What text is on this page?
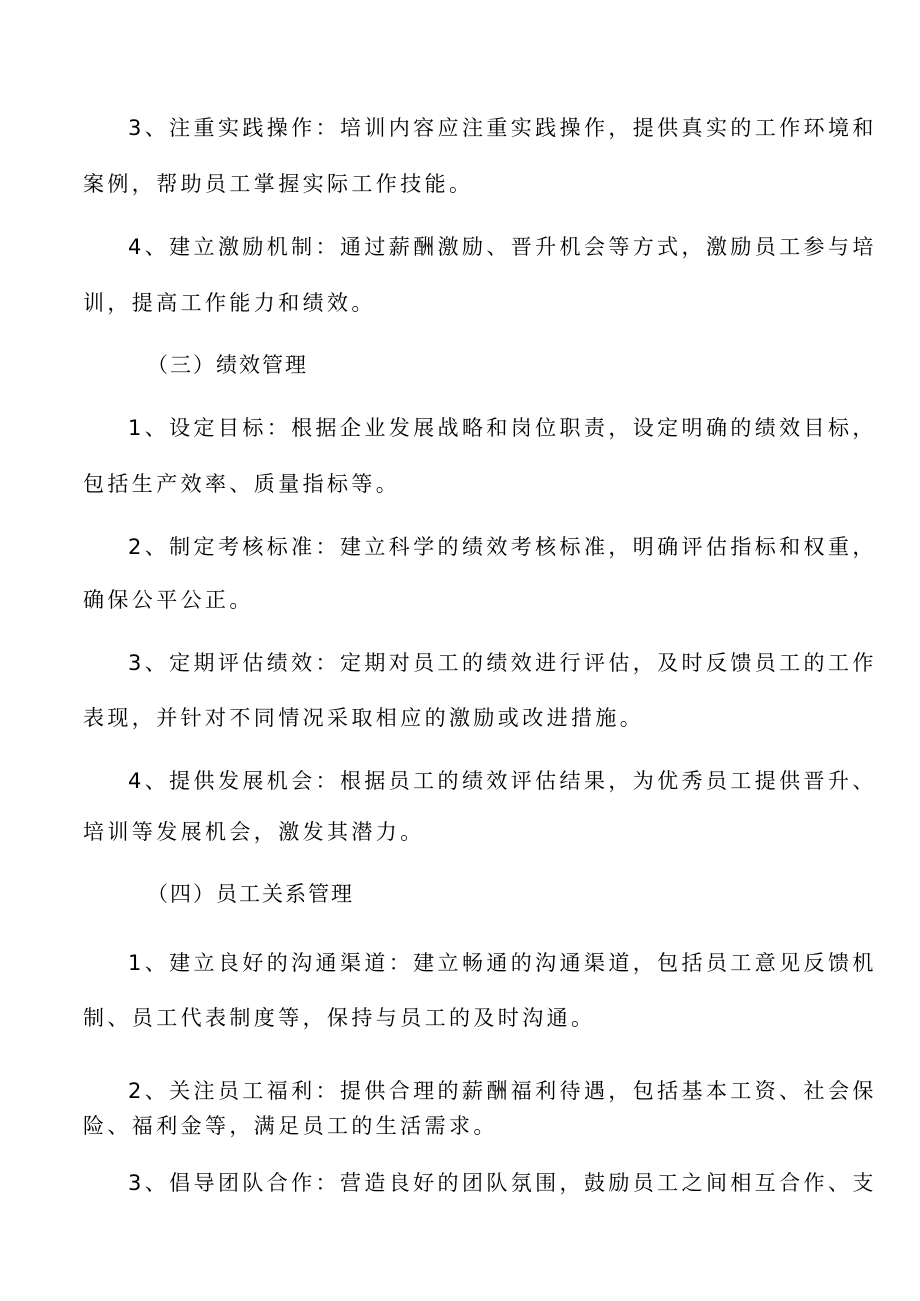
3、注重实践操作：培训内容应注重实践操作，提供真实的工作环境和
案例，帮助员工掌握实际工作技能。
4、建立激励机制：通过薪酬激励、晋升机会等方式，激励员工参与培
训，提高工作能力和绩效。
（三）绩效管理
1、设定目标：根据企业发展战略和岗位职责，设定明确的绩效目标，
包括生产效率、质量指标等。
2、制定考核标准：建立科学的绩效考核标准，明确评估指标和权重，
确保公平公正。
3、定期评估绩效：定期对员工的绩效进行评估，及时反馈员工的工作
表现，并针对不同情况采取相应的激励或改进措施。
4、提供发展机会：根据员工的绩效评估结果，为优秀员工提供晋升、
培训等发展机会，激发其潜力。
（四）员工关系管理
1、建立良好的沟通渠道：建立畅通的沟通渠道，包括员工意见反馈机
制、员工代表制度等，保持与员工的及时沟通。
2、关注员工福利：提供合理的薪酬福利待遇，包括基本工资、社会保
险、福利金等，满足员工的生活需求。
3、倡导团队合作：营造良好的团队氛围，鼓励员工之间相互合作、支
